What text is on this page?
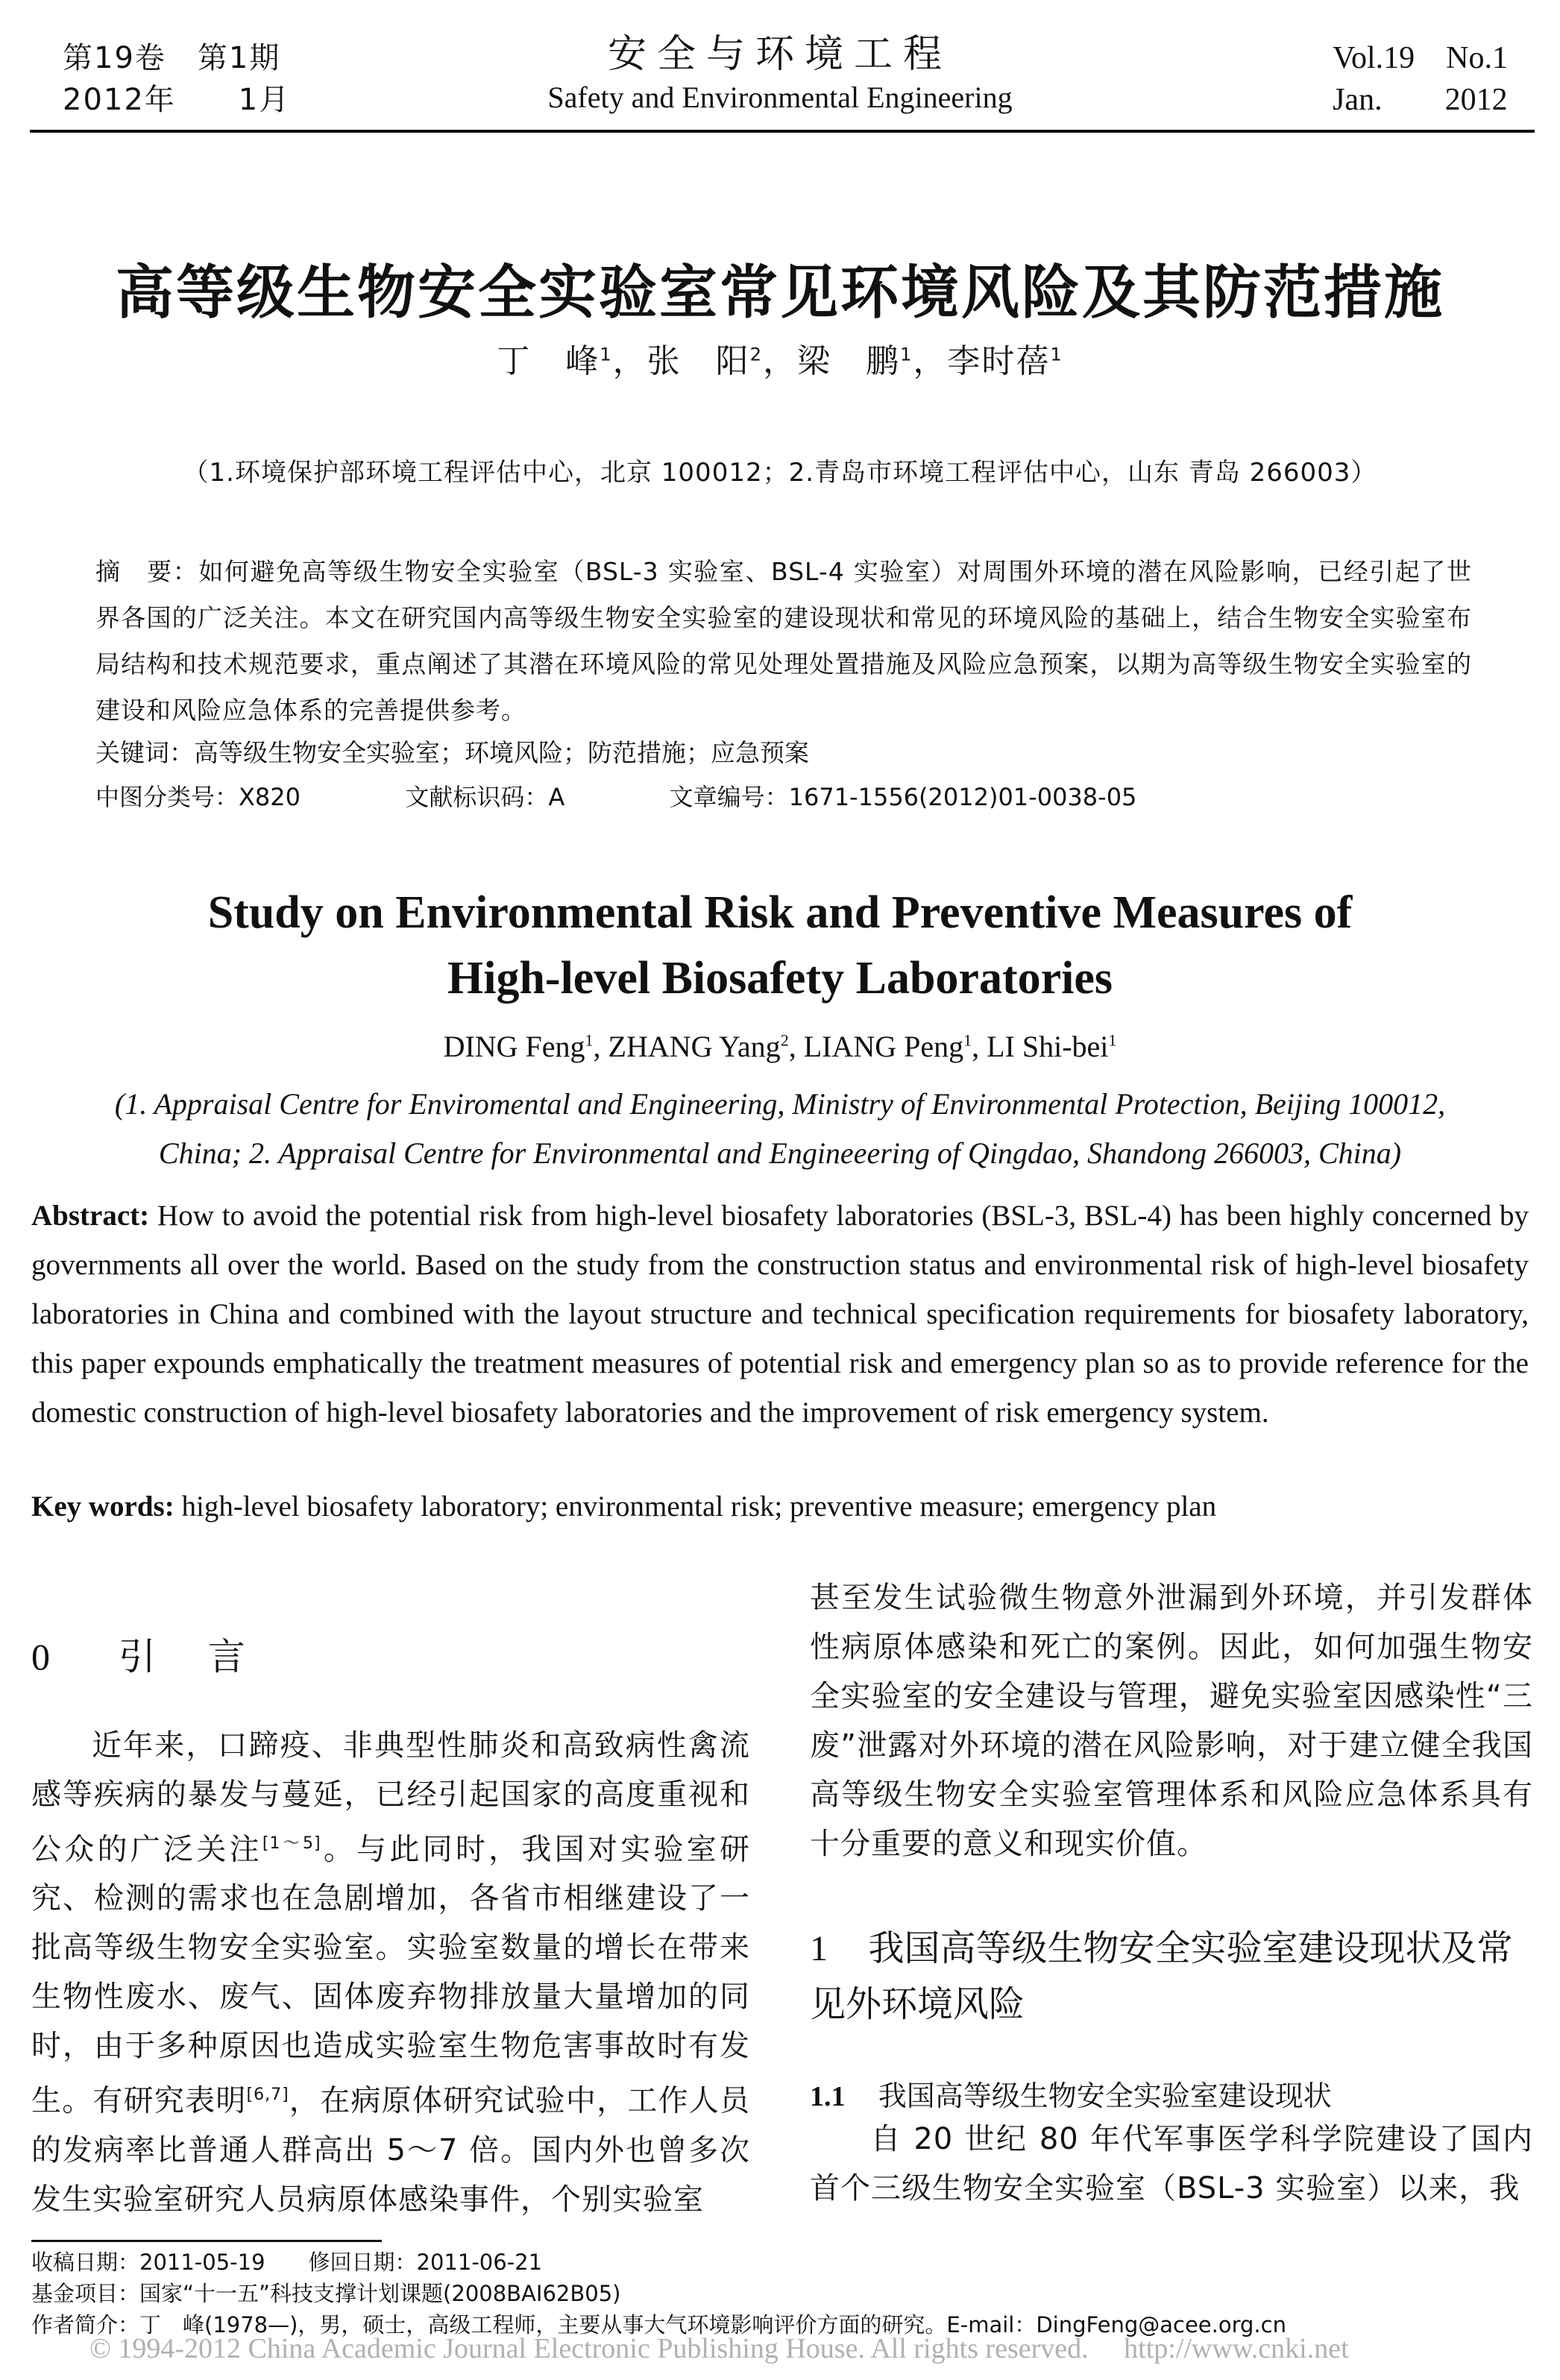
第19卷　第1期
2012年　　1月
安全与环境工程
Safety and Environmental Engineering
Vol.19　No.1
Jan.　　2012
高等级生物安全实验室常见环境风险及其防范措施
丁　峰$^1$，张　阳$^2$，梁　鹏$^1$，李时蓓$^1$
（1.环境保护部环境工程评估中心，北京 100012；2.青岛市环境工程评估中心，山东 青岛 266003）
摘　要：如何避免高等级生物安全实验室（BSL-3 实验室、BSL-4 实验室）对周围外环境的潜在风险影响，已经引起了世界各国的广泛关注。本文在研究国内高等级生物安全实验室的建设现状和常见的环境风险的基础上，结合生物安全实验室布局结构和技术规范要求，重点阐述了其潜在环境风险的常见处理处置措施及风险应急预案，以期为高等级生物安全实验室的建设和风险应急体系的完善提供参考。
关键词：高等级生物安全实验室；环境风险；防范措施；应急预案
中图分类号：X820	文献标识码：A	文章编号：1671-1556(2012)01-0038-05
Study on Environmental Risk and Preventive Measures of
High-level Biosafety Laboratories
DING Feng$^1$, ZHANG Yang$^2$, LIANG Peng$^1$, LI Shi-bei$^1$
(1. Appraisal Centre for Enviromental and Engineering, Ministry of Environmental Protection, Beijing 100012,
China; 2. Appraisal Centre for Environmental and Engineeering of Qingdao, Shandong 266003, China)
Abstract: How to avoid the potential risk from high-level biosafety laboratories (BSL-3, BSL-4) has been highly concerned by governments all over the world. Based on the study from the construction status and environmental risk of high-level biosafety laboratories in China and combined with the layout structure and technical specification requirements for biosafety laboratory, this paper expounds emphatically the treatment measures of potential risk and emergency plan so as to provide reference for the domestic construction of high-level biosafety laboratories and the improvement of risk emergency system.
Key words: high-level biosafety laboratory; environmental risk; preventive measure; emergency plan
0 引　言
近年来，口蹄疫、非典型性肺炎和高致病性禽流感等疾病的暴发与蔓延，已经引起国家的高度重视和公众的广泛关注[1～5]。与此同时，我国对实验室研究、检测的需求也在急剧增加，各省市相继建设了一批高等级生物安全实验室。实验室数量的增长在带来生物性废水、废气、固体废弃物排放量大量增加的同时，由于多种原因也造成实验室生物危害事故时有发生。有研究表明[6,7]，在病原体研究试验中，工作人员的发病率比普通人群高出 5～7 倍。国内外也曾多次发生实验室研究人员病原体感染事件，个别实验室
甚至发生试验微生物意外泄漏到外环境，并引发群体性病原体感染和死亡的案例。因此，如何加强生物安全实验室的安全建设与管理，避免实验室因感染性“三废”泄露对外环境的潜在风险影响，对于建立健全我国高等级生物安全实验室管理体系和风险应急体系具有十分重要的意义和现实价值。
1 我国高等级生物安全实验室建设现状及常见外环境风险
1.1 我国高等级生物安全实验室建设现状
自 20 世纪 80 年代军事医学科学院建设了国内首个三级生物安全实验室（BSL-3 实验室）以来，我
收稿日期：2011-05-19　　修回日期：2011-06-21
基金项目：国家“十一五”科技支撑计划课题(2008BAI62B05)
作者简介：丁　峰(1978—)，男，硕士，高级工程师，主要从事大气环境影响评价方面的研究。E-mail：DingFeng@acee.org.cn
© 1994-2012 China Academic Journal Electronic Publishing House. All rights reserved.　 http://www.cnki.net
